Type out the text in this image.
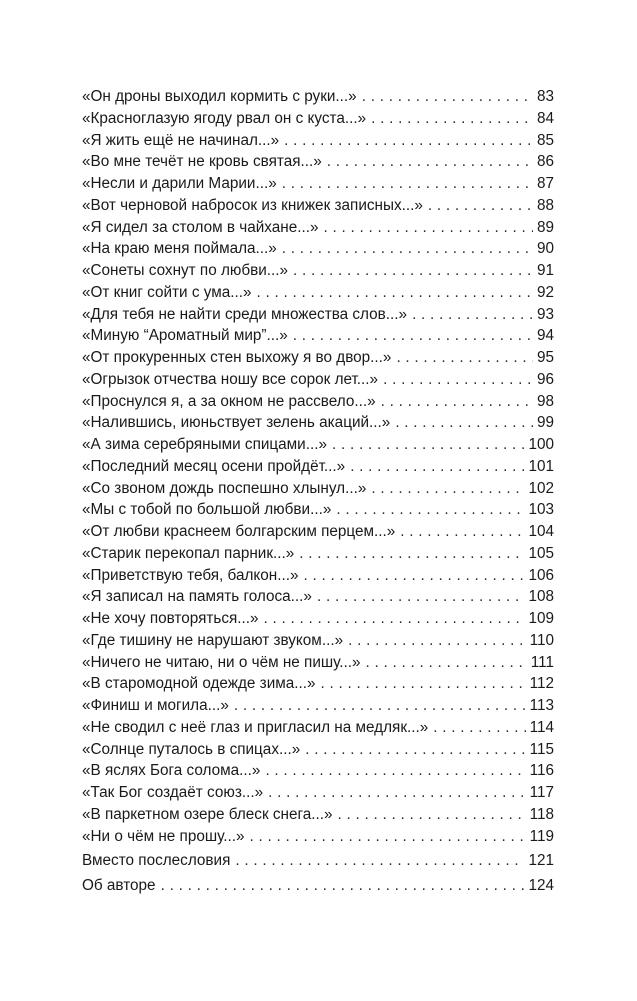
«Он дроны выходил кормить с руки...» . . .	83
«Красноглазую ягоду рвал он с куста...» . . .	84
«Я жить ещё не начинал...» . . .	85
«Во мне течёт не кровь святая...» . . .	86
«Несли и дарили Марии...» . . .	87
«Вот черновой набросок из книжек записных...» . . .	88
«Я сидел за столом в чайхане...» . . .	89
«На краю меня поймала...» . . .	90
«Сонеты сохнут по любви...» . . .	91
«От книг сойти с ума...» . . .	92
«Для тебя не найти среди множества слов...» . . .	93
«Миную “Ароматный мир”...» . . .	94
«От прокуренных стен выхожу я во двор...» . . .	95
«Огрызок отчества ношу все сорок лет...» . . .	96
«Проснулся я, а за окном не рассвело...» . . .	98
«Налившись, июньствует зелень акаций...» . . .	99
«А зима серебряными спицами...» . . .	100
«Последний месяц осени пройдёт...» . . .	101
«Со звоном дождь поспешно хлынул...» . . .	102
«Мы с тобой по большой любви...» . . .	103
«От любви краснеем болгарским перцем...» . . .	104
«Старик перекопал парник...» . . .	105
«Приветствую тебя, балкон...» . . .	106
«Я записал на память голоса...» . . .	108
«Не хочу повторяться...» . . .	109
«Где тишину не нарушают звуком...» . . .	110
«Ничего не читаю, ни о чём не пишу...» . . .	111
«В старомодной одежде зима...» . . .	112
«Финиш и могила...» . . .	113
«Не сводил с неё глаз и пригласил на медляк...» . . .	114
«Солнце путалось в спицах...» . . .	115
«В яслях Бога солома...» . . .	116
«Так Бог создаёт союз...» . . .	117
«В паркетном озере блеск снега...» . . .	118
«Ни о чём не прошу...» . . .	119
Вместо послесловия . . .	121
Об авторе . . .	124
